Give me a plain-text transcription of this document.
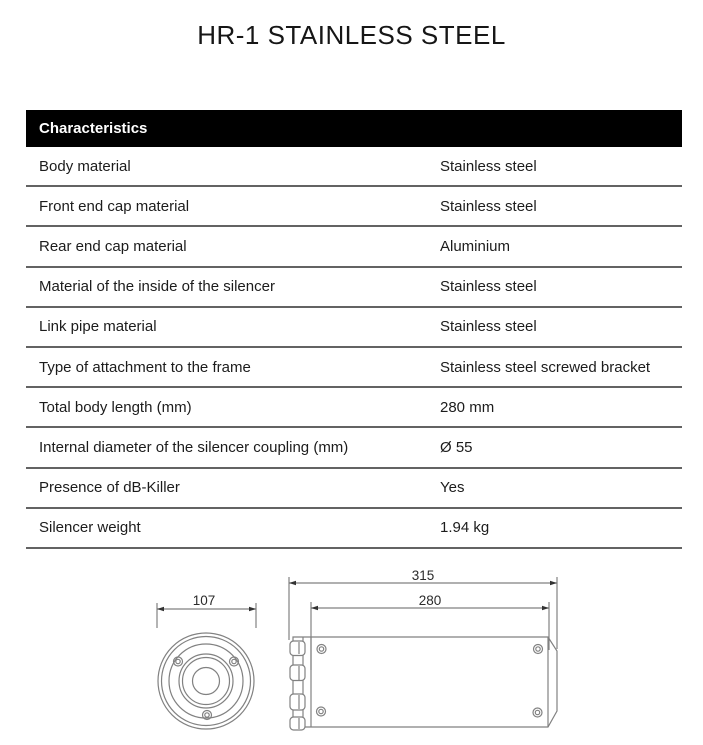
HR-1 STAINLESS STEEL
Characteristics
Body material	Stainless steel
Front end cap material	Stainless steel
Rear end cap material	Aluminium
Material of the inside of the silencer	Stainless steel
Link pipe material	Stainless steel
Type of attachment to the frame	Stainless steel screwed bracket
Total body length (mm)	280 mm
Internal diameter of the silencer coupling (mm)	Ø 55
Presence of dB-Killer	Yes
Silencer weight	1.94 kg
107
315
280
